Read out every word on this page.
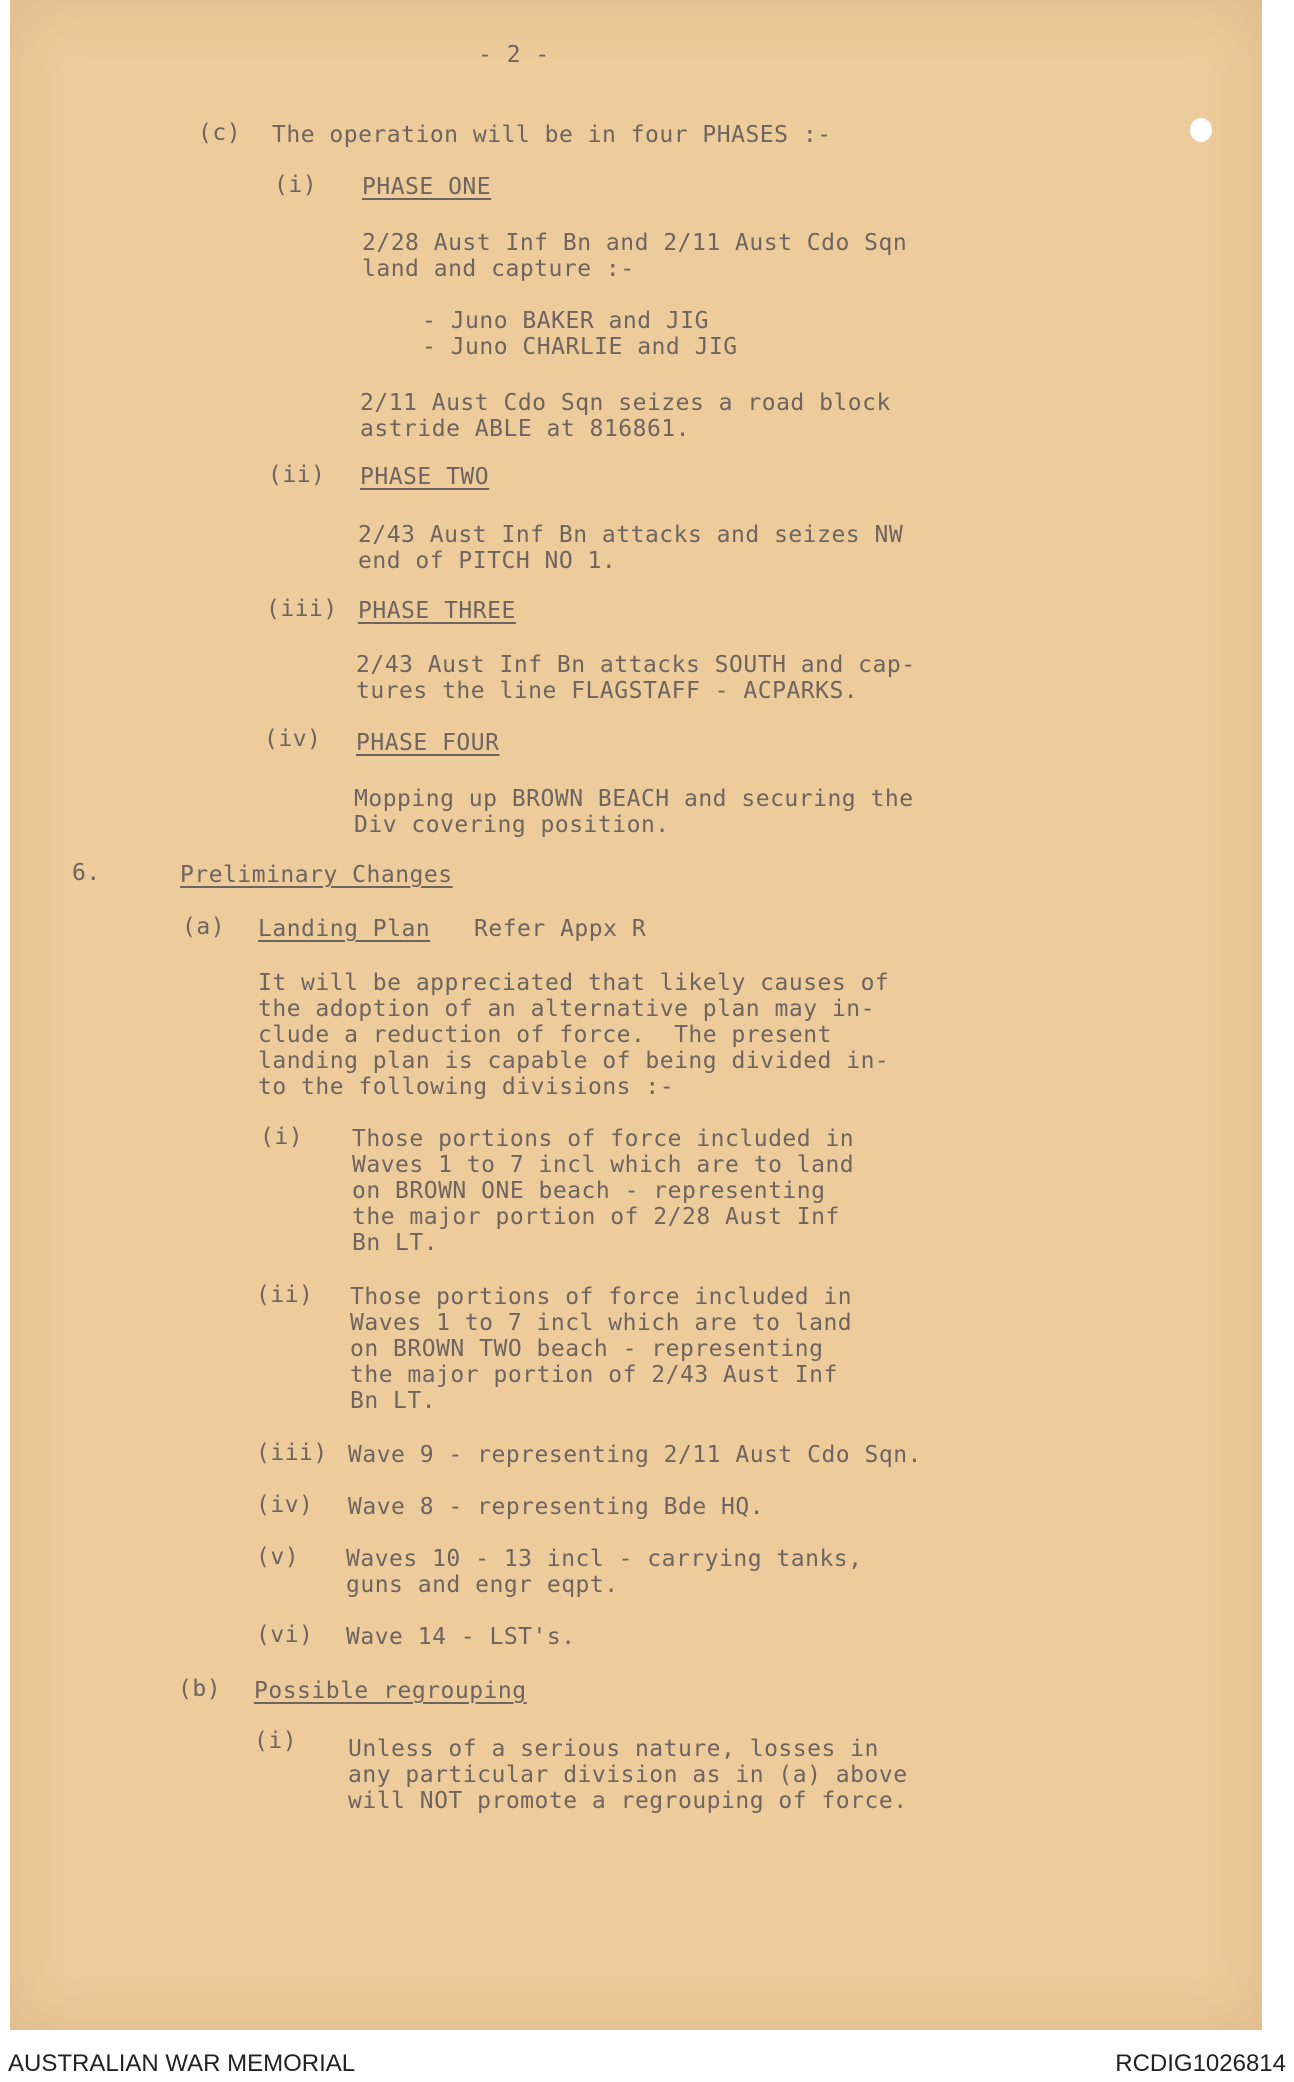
- 2 -

(c) The operation will be in four PHASES :-

(i) PHASE ONE

2/28 Aust Inf Bn and 2/11 Aust Cdo Sqn

land and capture :-

- Juno BAKER and JIG

- Juno CHARLIE and JIG

2/11 Aust Cdo Sqn seizes a road block

astride ABLE at 816861.

(ii) PHASE TWO

2/43 Aust Inf Bn attacks and seizes NW

end of PITCH NO 1.

(iii) PHASE THREE

2/43 Aust Inf Bn attacks SOUTH and cap-

tures the line FLAGSTAFF - ACPARKS.

(iv) PHASE FOUR

Mopping up BROWN BEACH and securing the

Div covering position.

6.	Preliminary Changes

(a) Landing Plan Refer Appx R

It will be appreciated that likely causes of

the adoption of an alternative plan may in-

clude a reduction of force.  The present

landing plan is capable of being divided in-

to the following divisions :-

(i) Those portions of force included in

Waves 1 to 7 incl which are to land

on BROWN ONE beach - representing

the major portion of 2/28 Aust Inf

Bn LT.

(ii) Those portions of force included in

Waves 1 to 7 incl which are to land

on BROWN TWO beach - representing

the major portion of 2/43 Aust Inf

Bn LT.

(iii) Wave 9 - representing 2/11 Aust Cdo Sqn.

(iv) Wave 8 - representing Bde HQ.

(v) Waves 10 - 13 incl - carrying tanks,

guns and engr eqpt.

(vi) Wave 14 - LST's.

(b) Possible regrouping

(i) Unless of a serious nature, losses in

any particular division as in (a) above

will NOT promote a regrouping of force.

AUSTRALIAN WAR MEMORIAL	RCDIG1026814
